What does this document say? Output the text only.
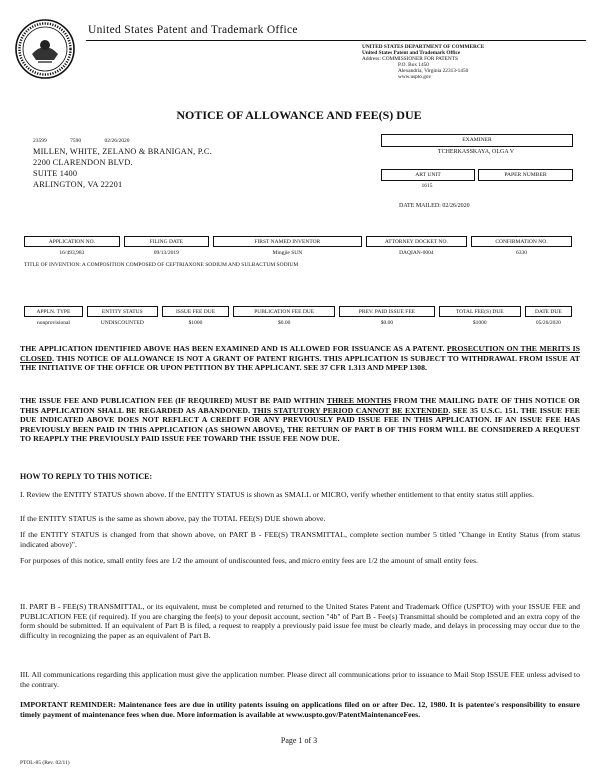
United States Patent and Trademark Office
UNITED STATES DEPARTMENT OF COMMERCE
United States Patent and Trademark Office
Address: COMMISSIONER FOR PATENTS
P.O. Box 1450
Alexandria, Virginia 22313-1450
www.uspto.gov
NOTICE OF ALLOWANCE AND FEE(S) DUE
23599	7590	02/26/2020
MILLEN, WHITE, ZELANO & BRANIGAN, P.C.
2200 CLARENDON BLVD.
SUITE 1400
ARLINGTON, VA 22201
EXAMINER
TCHERKASSKAYA, OLGA V
ART UNIT	PAPER NUMBER
1615
DATE MAILED: 02/26/2020
APPLICATION NO.	FILING DATE	FIRST NAMED INVENTOR	ATTORNEY DOCKET NO.	CONFIRMATION NO.
16/493,983	09/13/2019	Mingjie SUN	DAQIAN-0004	6330
TITLE OF INVENTION: A COMPOSITION COMPOSED OF CEFTRIAXONE SODIUM AND SULBACTUM SODIUM
APPLN. TYPE	ENTITY STATUS	ISSUE FEE DUE	PUBLICATION FEE DUE	PREV. PAID ISSUE FEE	TOTAL FEE(S) DUE	DATE DUE
nonprovisional	UNDISCOUNTED	$1000	$0.00	$0.00	$1000	05/26/2020
THE APPLICATION IDENTIFIED ABOVE HAS BEEN EXAMINED AND IS ALLOWED FOR ISSUANCE AS A PATENT. PROSECUTION ON THE MERITS IS CLOSED. THIS NOTICE OF ALLOWANCE IS NOT A GRANT OF PATENT RIGHTS. THIS APPLICATION IS SUBJECT TO WITHDRAWAL FROM ISSUE AT THE INITIATIVE OF THE OFFICE OR UPON PETITION BY THE APPLICANT. SEE 37 CFR 1.313 AND MPEP 1308.
THE ISSUE FEE AND PUBLICATION FEE (IF REQUIRED) MUST BE PAID WITHIN THREE MONTHS FROM THE MAILING DATE OF THIS NOTICE OR THIS APPLICATION SHALL BE REGARDED AS ABANDONED. THIS STATUTORY PERIOD CANNOT BE EXTENDED. SEE 35 U.S.C. 151. THE ISSUE FEE DUE INDICATED ABOVE DOES NOT REFLECT A CREDIT FOR ANY PREVIOUSLY PAID ISSUE FEE IN THIS APPLICATION. IF AN ISSUE FEE HAS PREVIOUSLY BEEN PAID IN THIS APPLICATION (AS SHOWN ABOVE), THE RETURN OF PART B OF THIS FORM WILL BE CONSIDERED A REQUEST TO REAPPLY THE PREVIOUSLY PAID ISSUE FEE TOWARD THE ISSUE FEE NOW DUE.
HOW TO REPLY TO THIS NOTICE:
I. Review the ENTITY STATUS shown above. If the ENTITY STATUS is shown as SMALL or MICRO, verify whether entitlement to that entity status still applies.
If the ENTITY STATUS is the same as shown above, pay the TOTAL FEE(S) DUE shown above.
If the ENTITY STATUS is changed from that shown above, on PART B - FEE(S) TRANSMITTAL, complete section number 5 titled "Change in Entity Status (from status indicated above)".
For purposes of this notice, small entity fees are 1/2 the amount of undiscounted fees, and micro entity fees are 1/2 the amount of small entity fees.
II. PART B - FEE(S) TRANSMITTAL, or its equivalent, must be completed and returned to the United States Patent and Trademark Office (USPTO) with your ISSUE FEE and PUBLICATION FEE (if required). If you are charging the fee(s) to your deposit account, section "4b" of Part B - Fee(s) Transmittal should be completed and an extra copy of the form should be submitted. If an equivalent of Part B is filed, a request to reapply a previously paid issue fee must be clearly made, and delays in processing may occur due to the difficulty in recognizing the paper as an equivalent of Part B.
III. All communications regarding this application must give the application number. Please direct all communications prior to issuance to Mail Stop ISSUE FEE unless advised to the contrary.
IMPORTANT REMINDER: Maintenance fees are due in utility patents issuing on applications filed on or after Dec. 12, 1980. It is patentee's responsibility to ensure timely payment of maintenance fees when due. More information is available at www.uspto.gov/PatentMaintenanceFees.
Page 1 of 3
PTOL-85 (Rev. 02/11)
